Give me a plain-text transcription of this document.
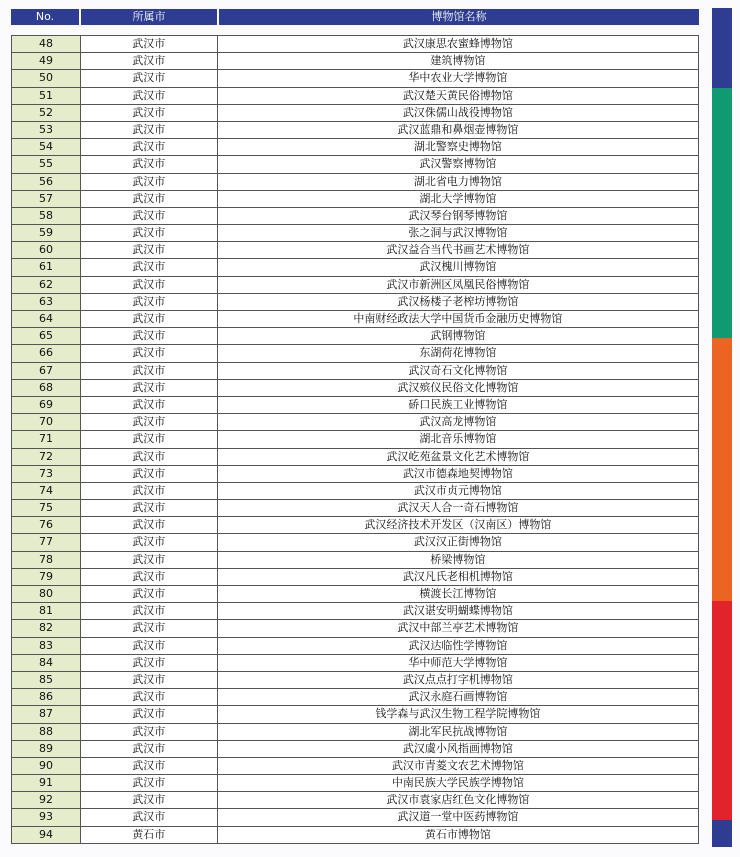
No.	所属市	博物馆名称
48	武汉市	武汉康思农蜜蜂博物馆
49	武汉市	建筑博物馆
50	武汉市	华中农业大学博物馆
51	武汉市	武汉楚天黄民俗博物馆
52	武汉市	武汉侏儒山战役博物馆
53	武汉市	武汉蓝鼎和鼻烟壶博物馆
54	武汉市	湖北警察史博物馆
55	武汉市	武汉警察博物馆
56	武汉市	湖北省电力博物馆
57	武汉市	湖北大学博物馆
58	武汉市	武汉琴台钢琴博物馆
59	武汉市	张之洞与武汉博物馆
60	武汉市	武汉益合当代书画艺术博物馆
61	武汉市	武汉槐川博物馆
62	武汉市	武汉市新洲区凤凰民俗博物馆
63	武汉市	武汉杨楼子老榨坊博物馆
64	武汉市	中南财经政法大学中国货币金融历史博物馆
65	武汉市	武钢博物馆
66	武汉市	东湖荷花博物馆
67	武汉市	武汉奇石文化博物馆
68	武汉市	武汉殡仪民俗文化博物馆
69	武汉市	硚口民族工业博物馆
70	武汉市	武汉高龙博物馆
71	武汉市	湖北音乐博物馆
72	武汉市	武汉屹苑盆景文化艺术博物馆
73	武汉市	武汉市德森地契博物馆
74	武汉市	武汉市贞元博物馆
75	武汉市	武汉天人合一奇石博物馆
76	武汉市	武汉经济技术开发区（汉南区）博物馆
77	武汉市	武汉汉正街博物馆
78	武汉市	桥梁博物馆
79	武汉市	武汉凡氏老相机博物馆
80	武汉市	横渡长江博物馆
81	武汉市	武汉谌安明蝴蝶博物馆
82	武汉市	武汉中部兰亭艺术博物馆
83	武汉市	武汉达临性学博物馆
84	武汉市	华中师范大学博物馆
85	武汉市	武汉点点打字机博物馆
86	武汉市	武汉永庭石画博物馆
87	武汉市	钱学森与武汉生物工程学院博物馆
88	武汉市	湖北军民抗战博物馆
89	武汉市	武汉虞小风指画博物馆
90	武汉市	武汉市青菱文农艺术博物馆
91	武汉市	中南民族大学民族学博物馆
92	武汉市	武汉市袁家店红色文化博物馆
93	武汉市	武汉道一堂中医药博物馆
94	黄石市	黄石市博物馆
